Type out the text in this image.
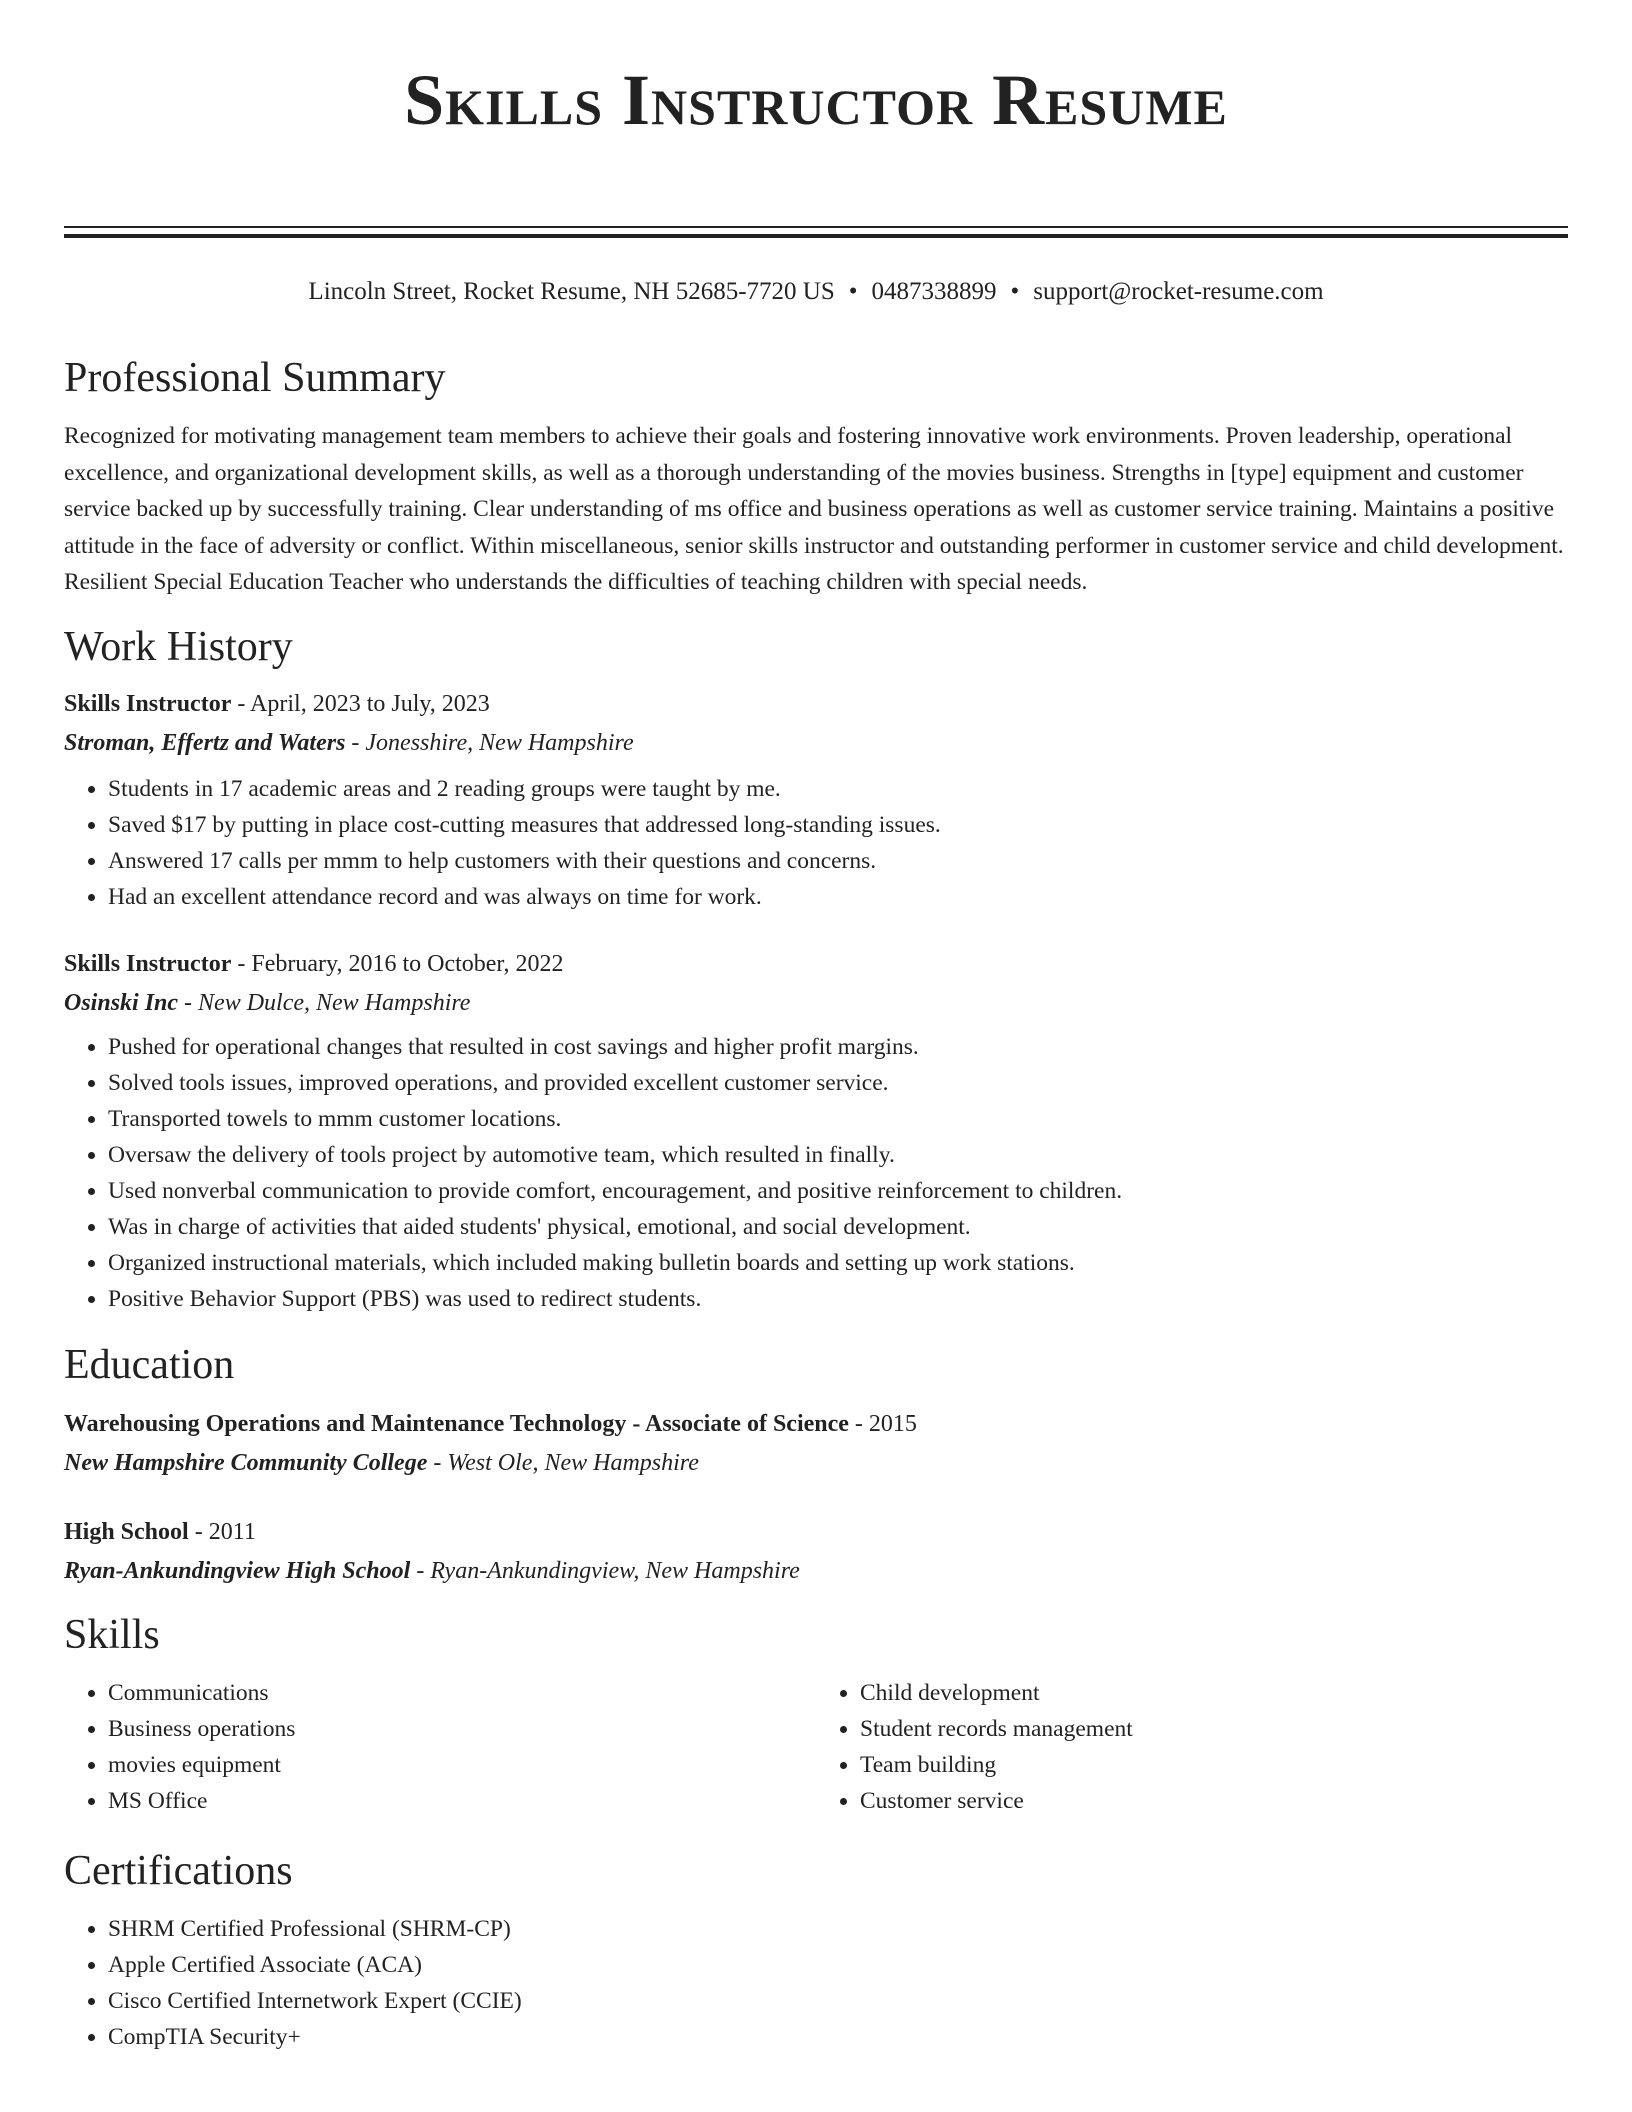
Skills Instructor Resume
Lincoln Street, Rocket Resume, NH 52685-7720 US • 0487338899 • support@rocket-resume.com
Professional Summary

Recognized for motivating management team members to achieve their goals and fostering innovative work environments. Proven leadership, operational excellence, and organizational development skills, as well as a thorough understanding of the movies business. Strengths in [type] equipment and customer service backed up by successfully training. Clear understanding of ms office and business operations as well as customer service training. Maintains a positive attitude in the face of adversity or conflict. Within miscellaneous, senior skills instructor and outstanding performer in customer service and child development. Resilient Special Education Teacher who understands the difficulties of teaching children with special needs.

Work History
Skills Instructor - April, 2023 to July, 2023
Stroman, Effertz and Waters - Jonesshire, New Hampshire
• Students in 17 academic areas and 2 reading groups were taught by me.
• Saved $17 by putting in place cost-cutting measures that addressed long-standing issues.
• Answered 17 calls per mmm to help customers with their questions and concerns.
• Had an excellent attendance record and was always on time for work.
Skills Instructor - February, 2016 to October, 2022
Osinski Inc - New Dulce, New Hampshire
• Pushed for operational changes that resulted in cost savings and higher profit margins.
• Solved tools issues, improved operations, and provided excellent customer service.
• Transported towels to mmm customer locations.
• Oversaw the delivery of tools project by automotive team, which resulted in finally.
• Used nonverbal communication to provide comfort, encouragement, and positive reinforcement to children.
• Was in charge of activities that aided students' physical, emotional, and social development.
• Organized instructional materials, which included making bulletin boards and setting up work stations.
• Positive Behavior Support (PBS) was used to redirect students.
Education
Warehousing Operations and Maintenance Technology - Associate of Science - 2015
New Hampshire Community College - West Ole, New Hampshire
High School - 2011
Ryan-Ankundingview High School - Ryan-Ankundingview, New Hampshire
Skills
• Communications
• Business operations
• movies equipment
• MS Office
• Child development
• Student records management
• Team building
• Customer service
Certifications
• SHRM Certified Professional (SHRM-CP)
• Apple Certified Associate (ACA)
• Cisco Certified Internetwork Expert (CCIE)
• CompTIA Security+
